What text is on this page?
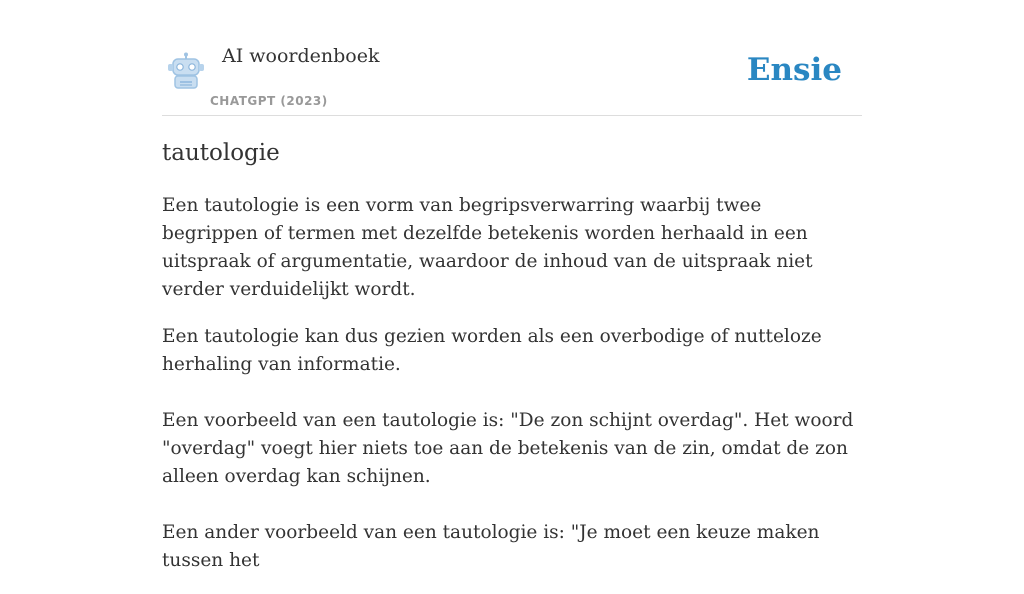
AI woordenboek
CHATGPT (2023)
Ensie
tautologie

Een tautologie is een vorm van begripsverwarring waarbij twee begrippen of termen met dezelfde betekenis worden herhaald in een uitspraak of argumentatie, waardoor de inhoud van de uitspraak niet verder verduidelijkt wordt.

Een tautologie kan dus gezien worden als een overbodige of nutteloze herhaling van informatie.

Een voorbeeld van een tautologie is: "De zon schijnt overdag". Het woord "overdag" voegt hier niets toe aan de betekenis van de zin, omdat de zon alleen overdag kan schijnen.

Een ander voorbeeld van een tautologie is: "Je moet een keuze maken tussen het
